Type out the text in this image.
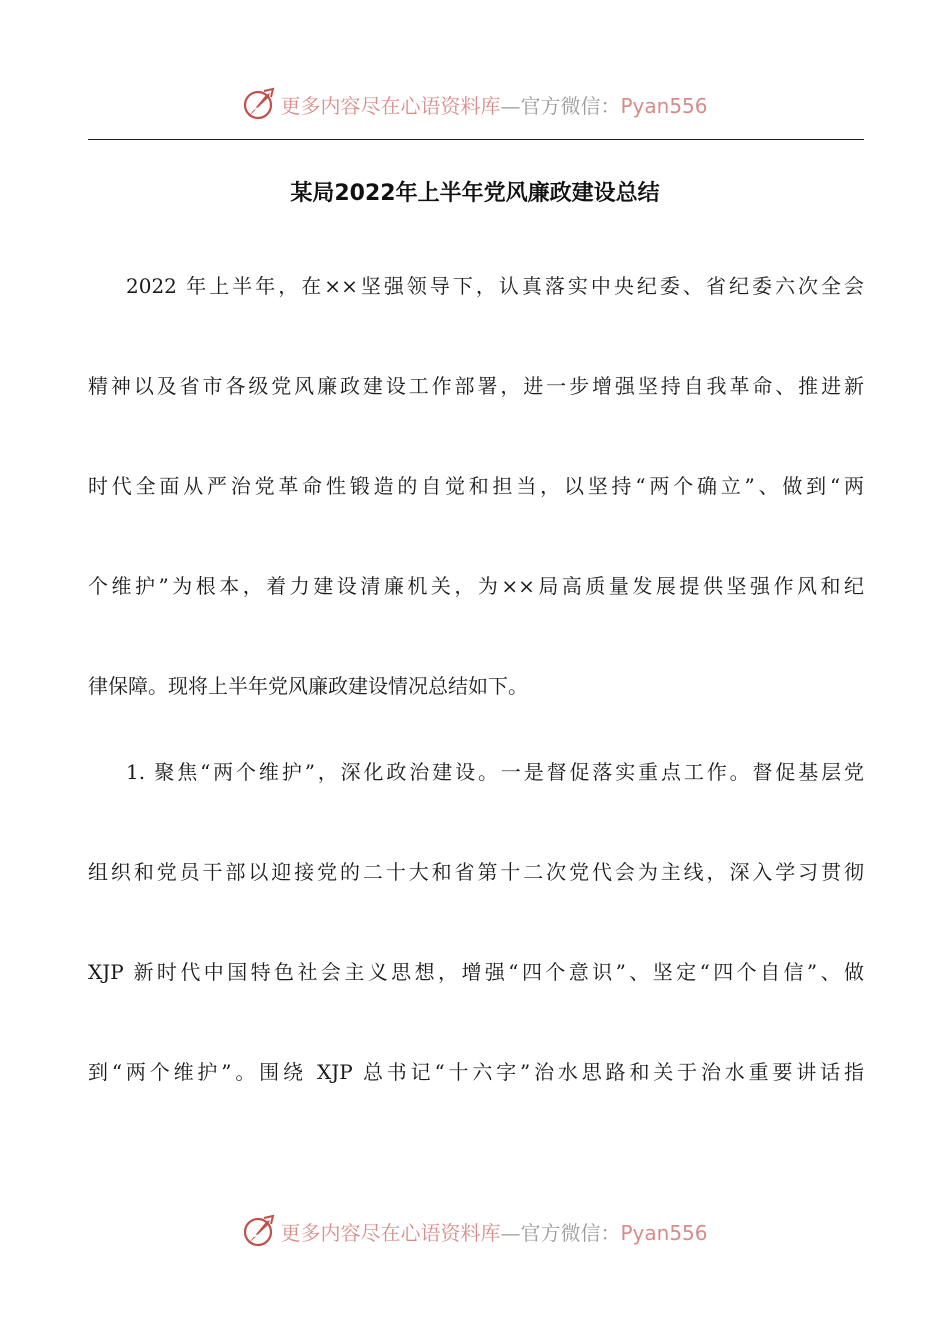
更多内容尽在心语资料库—官方微信：Pyan556
某局2022年上半年党风廉政建设总结
2022 年上半年，在××坚强领导下，认真落实中央纪委、省纪委六次全会
精神以及省市各级党风廉政建设工作部署，进一步增强坚持自我革命、推进新
时代全面从严治党革命性锻造的自觉和担当，以坚持“两个确立”、做到“两
个维护”为根本，着力建设清廉机关，为××局高质量发展提供坚强作风和纪
律保障。现将上半年党风廉政建设情况总结如下。
1. 聚焦“两个维护”，深化政治建设。一是督促落实重点工作。督促基层党
组织和党员干部以迎接党的二十大和省第十二次党代会为主线，深入学习贯彻
XJP 新时代中国特色社会主义思想，增强“四个意识”、坚定“四个自信”、做
到“两个维护”。围绕 XJP 总书记“十六字”治水思路和关于治水重要讲话指
更多内容尽在心语资料库—官方微信：Pyan556
